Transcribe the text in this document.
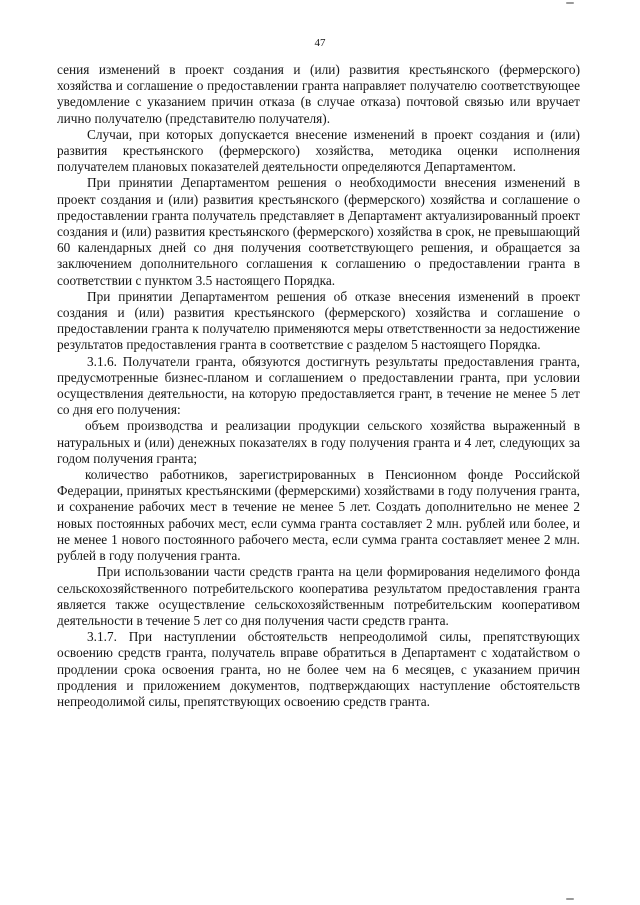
47

сения изменений в проект создания и (или) развития крестьянского (фермерского) хозяйства и соглашение о предоставлении гранта направляет получателю соответствующее уведомление с указанием причин отказа (в случае отказа) почтовой связью или вручает лично получателю (представителю получателя).

Случаи, при которых допускается внесение изменений в проект создания и (или) развития крестьянского (фермерского) хозяйства, методика оценки исполнения получателем плановых показателей деятельности определяются Департаментом.

При принятии Департаментом решения о необходимости внесения изменений в проект создания и (или) развития крестьянского (фермерского) хозяйства и соглашение о предоставлении гранта получатель представляет в Департамент актуализированный проект создания и (или) развития крестьянского (фермерского) хозяйства в срок, не превышающий 60 календарных дней со дня получения соответствующего решения, и обращается за заключением дополнительного соглашения к соглашению о предоставлении гранта в соответствии с пунктом 3.5 настоящего Порядка.

При принятии Департаментом решения об отказе внесения изменений в проект создания и (или) развития крестьянского (фермерского) хозяйства и соглашение о предоставлении гранта к получателю применяются меры ответственности за недостижение результатов предоставления гранта в соответствие с разделом 5 настоящего Порядка.

3.1.6. Получатели гранта, обязуются достигнуть результаты предоставления гранта, предусмотренные бизнес-планом и соглашением о предоставлении гранта, при условии осуществления деятельности, на которую предоставляется грант, в течение не менее 5 лет со дня его получения:

объем производства и реализации продукции сельского хозяйства выраженный в натуральных и (или) денежных показателях в году получения гранта и 4 лет, следующих за годом получения гранта;

количество работников, зарегистрированных в Пенсионном фонде Российской Федерации, принятых крестьянскими (фермерскими) хозяйствами в году получения гранта, и сохранение рабочих мест в течение не менее 5 лет. Создать дополнительно не менее 2 новых постоянных рабочих мест, если сумма гранта составляет 2 млн. рублей или более, и не менее 1 нового постоянного рабочего места, если сумма гранта составляет менее 2 млн. рублей в году получения гранта.

При использовании части средств гранта на цели формирования неделимого фонда сельскохозяйственного потребительского кооператива результатом предоставления гранта является также осуществление сельскохозяйственным потребительским кооперативом деятельности в течение 5 лет со дня получения части средств гранта.

3.1.7. При наступлении обстоятельств непреодолимой силы, препятствующих освоению средств гранта, получатель вправе обратиться в Департамент с ходатайством о продлении срока освоения гранта, но не более чем на 6 месяцев, с указанием причин продления и приложением документов, подтверждающих наступление обстоятельств непреодолимой силы, препятствующих освоению средств гранта.
